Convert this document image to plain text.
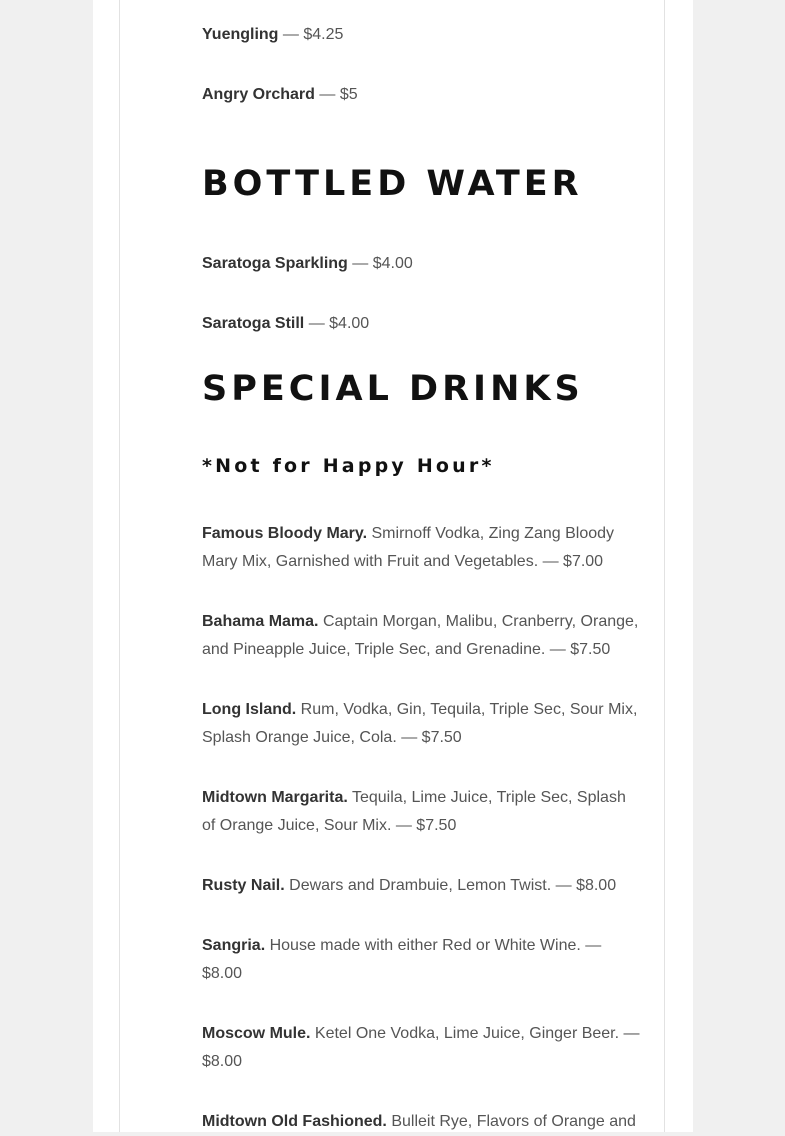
Yuengling — $4.25
Angry Orchard — $5
BOTTLED WATER
Saratoga Sparkling — $4.00
Saratoga Still — $4.00
SPECIAL DRINKS
*Not for Happy Hour*
Famous Bloody Mary. Smirnoff Vodka, Zing Zang Bloody Mary Mix, Garnished with Fruit and Vegetables. — $7.00
Bahama Mama. Captain Morgan, Malibu, Cranberry, Orange, and Pineapple Juice, Triple Sec, and Grenadine. — $7.50
Long Island. Rum, Vodka, Gin, Tequila, Triple Sec, Sour Mix, Splash Orange Juice, Cola. — $7.50
Midtown Margarita. Tequila, Lime Juice, Triple Sec, Splash of Orange Juice, Sour Mix. — $7.50
Rusty Nail. Dewars and Drambuie, Lemon Twist. — $8.00
Sangria. House made with either Red or White Wine. — $8.00
Moscow Mule. Ketel One Vodka, Lime Juice, Ginger Beer. — $8.00
Midtown Old Fashioned. Bulleit Rye, Flavors of Orange and
